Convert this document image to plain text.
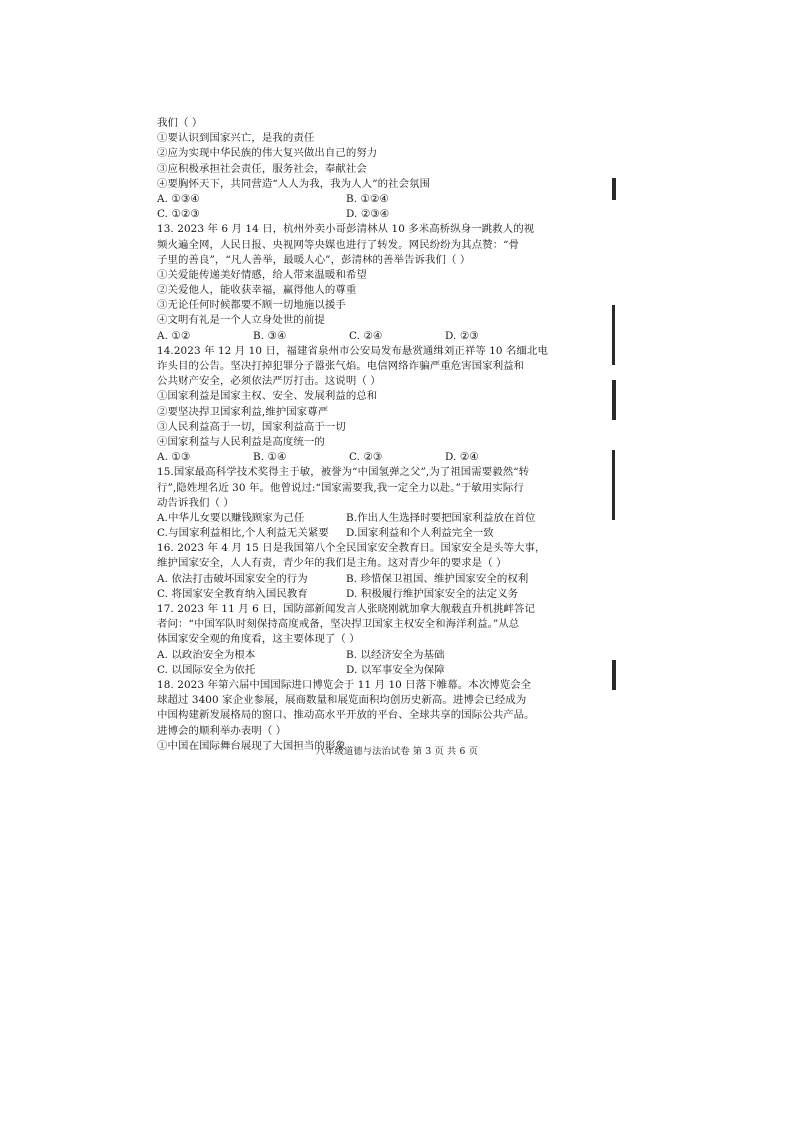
我们（ ）
①要认识到国家兴亡，是我的责任
②应为实现中华民族的伟大复兴做出自己的努力
③应积极承担社会责任，服务社会，奉献社会
④要胸怀天下，共同营造“人人为我，我为人人”的社会氛围
A. ①③④	B. ①②④
C. ①②③	D. ②③④
13. 2023 年 6 月 14 日，杭州外卖小哥彭清林从 10 多米高桥纵身一跳救人的视
频火遍全网，人民日报、央视网等央媒也进行了转发。网民纷纷为其点赞：“骨
子里的善良”，“凡人善举，最暖人心”，彭清林的善举告诉我们（ ）
①关爱能传递美好情感，给人带来温暖和希望
②关爱他人，能收获幸福，赢得他人的尊重
③无论任何时候都要不顾一切地施以援手
④文明有礼是一个人立身处世的前提
A. ①②	B. ③④	C. ②④	D. ②③
14.2023 年 12 月 10 日，福建省泉州市公安局发布悬赏通缉刘正祥等 10 名缅北电
诈头目的公告。坚决打掉犯罪分子嚣张气焰。电信网络诈骗严重危害国家利益和
公共财产安全，必须依法严厉打击。这说明（ ）
①国家利益是国家主权、安全、发展利益的总和
②要坚决捍卫国家利益,维护国家尊严
③人民利益高于一切，国家利益高于一切
④国家利益与人民利益是高度统一的
A. ①③	B. ①④	C. ②③	D. ②④
15.国家最高科学技术奖得主于敏，被誉为“中国氢弹之父”,为了祖国需要毅然“转
行”,隐姓埋名近 30 年。他曾说过:“国家需要我,我一定全力以赴。”于敏用实际行
动告诉我们（ ）
A.中华儿女要以赚钱顾家为己任	B.作出人生选择时要把国家利益放在首位
C.与国家利益相比,个人利益无关紧要	D.国家利益和个人利益完全一致
16. 2023 年 4 月 15 日是我国第八个全民国家安全教育日。国家安全是头等大事，
维护国家安全，人人有责，青少年的我们是主角。这对青少年的要求是（ ）
A. 依法打击破坏国家安全的行为	B. 珍惜保卫祖国、维护国家安全的权利
C. 将国家安全教育纳入国民教育	D. 积极履行维护国家安全的法定义务
17. 2023 年 11 月 6 日，国防部新闻发言人张晓刚就加拿大舰载直升机挑衅答记
者问：“中国军队时刻保持高度戒备，坚决捍卫国家主权安全和海洋利益。”从总
体国家安全观的角度看，这主要体现了（ ）
A. 以政治安全为根本	B. 以经济安全为基础
C. 以国际安全为依托	D. 以军事安全为保障
18. 2023 年第六届中国国际进口博览会于 11 月 10 日落下帷幕。本次博览会全
球超过 3400 家企业参展，展商数量和展览面积均创历史新高。进博会已经成为
中国构建新发展格局的窗口、推动高水平开放的平台、全球共享的国际公共产品。
进博会的顺利举办表明（ ）
①中国在国际舞台展现了大国担当的形象
八年级道德与法治试卷 第 3 页 共 6 页
